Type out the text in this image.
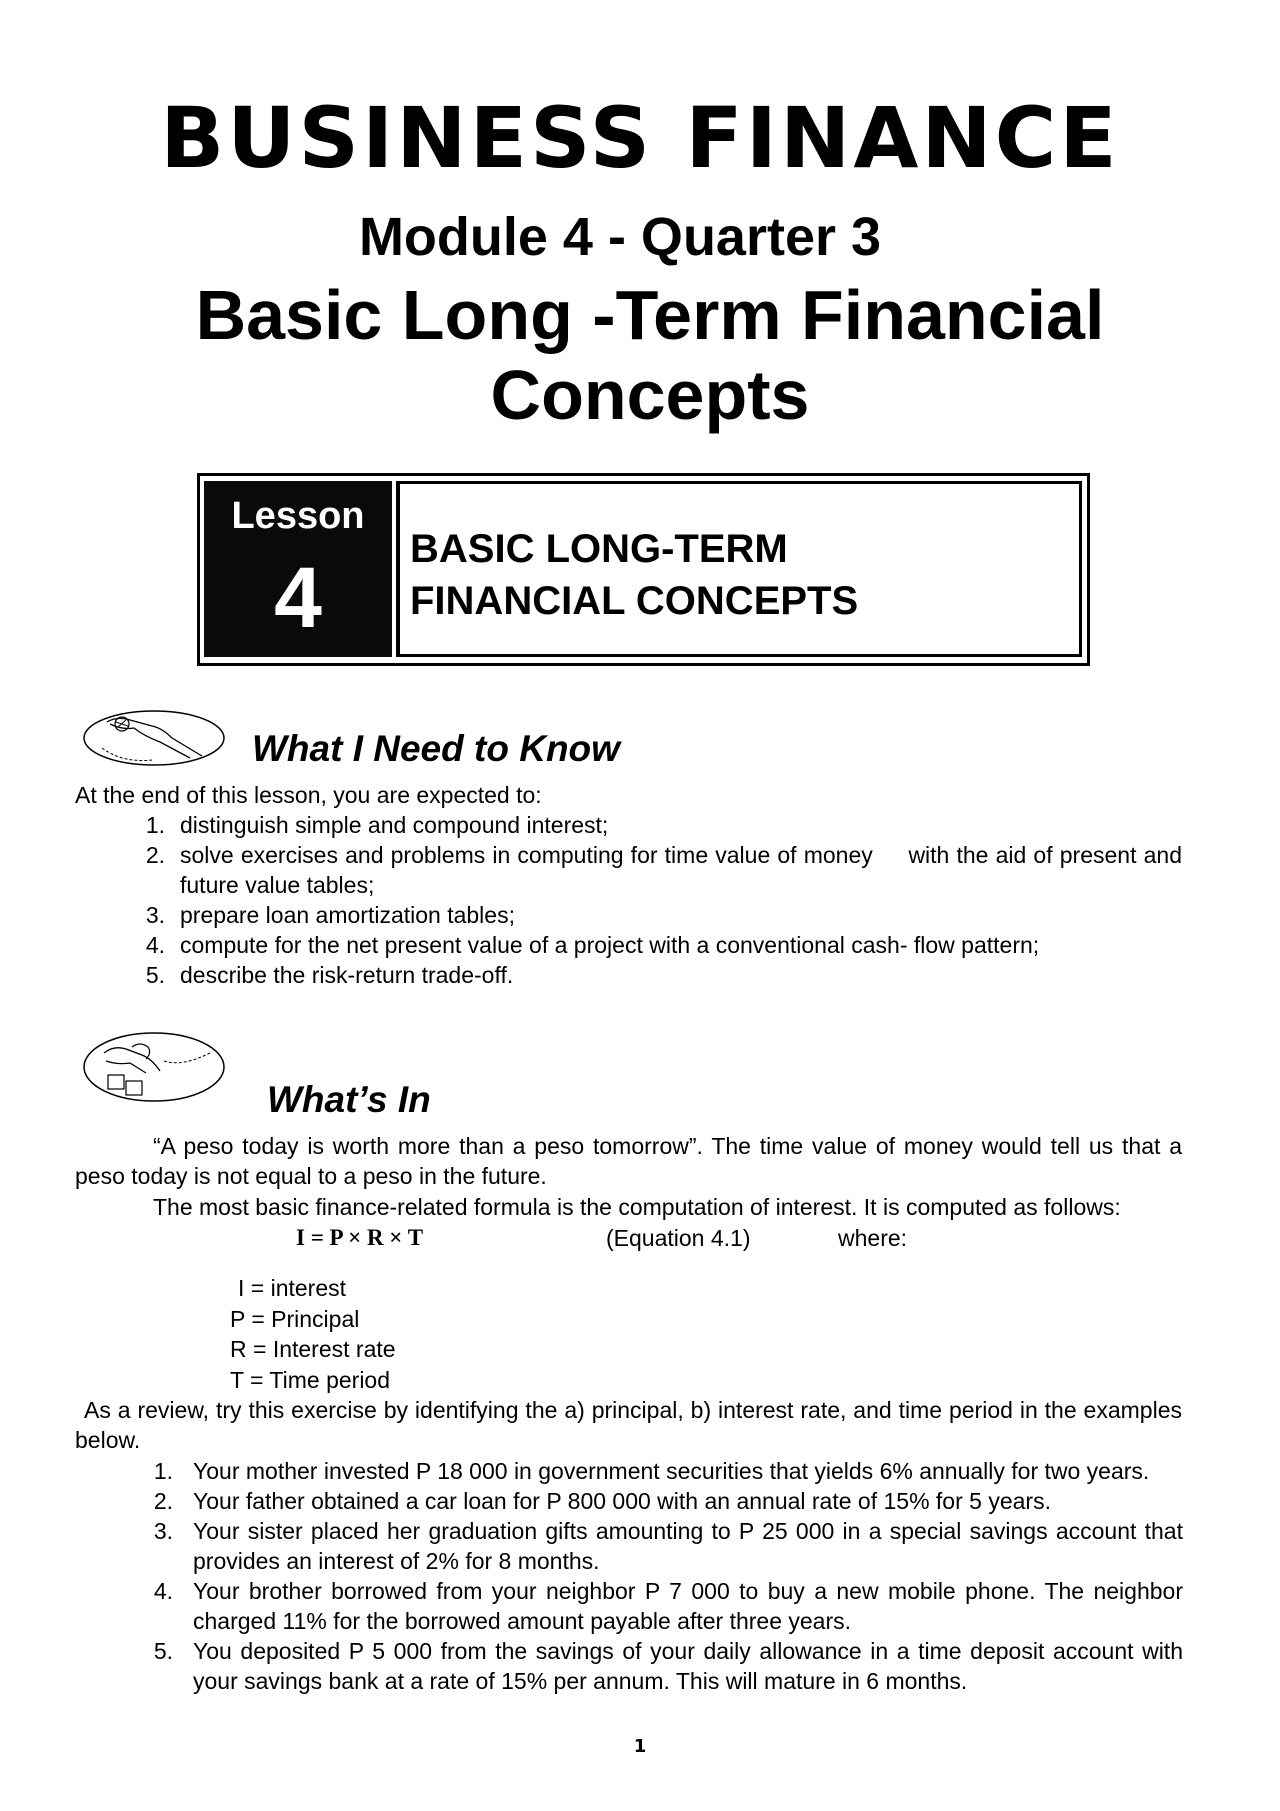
BUSINESS FINANCE
Module 4 - Quarter 3
Basic Long -Term Financial Concepts
Lesson
4
BASIC LONG-TERM
FINANCIAL CONCEPTS
What I Need to Know
At the end of this lesson, you are expected to:
1. distinguish simple and compound interest;
2. solve exercises and problems in computing for time value of money     with the aid of present and future value tables;
3. prepare loan amortization tables;
4. compute for the net present value of a project with a conventional cash- flow pattern;
5. describe the risk-return trade-off.
What’s In
“A peso today is worth more than a peso tomorrow”. The time value of money would tell us that a peso today is not equal to a peso in the future.
The most basic finance-related formula is the computation of interest. It is computed as follows:
I = P × R × T	(Equation 4.1)	where:
I = interest
P = Principal
R = Interest rate
T = Time period
As a review, try this exercise by identifying the a) principal, b) interest rate, and time period in the examples below.
1. Your mother invested P 18 000 in government securities that yields 6% annually for two years.
2. Your father obtained a car loan for P 800 000 with an annual rate of 15% for 5 years.
3. Your sister placed her graduation gifts amounting to P 25 000 in a special savings account that provides an interest of 2% for 8 months.
4. Your brother borrowed from your neighbor P 7 000 to buy a new mobile phone. The neighbor charged 11% for the borrowed amount payable after three years.
5. You deposited P 5 000 from the savings of your daily allowance in a time deposit account with your savings bank at a rate of 15% per annum. This will mature in 6 months.
1
